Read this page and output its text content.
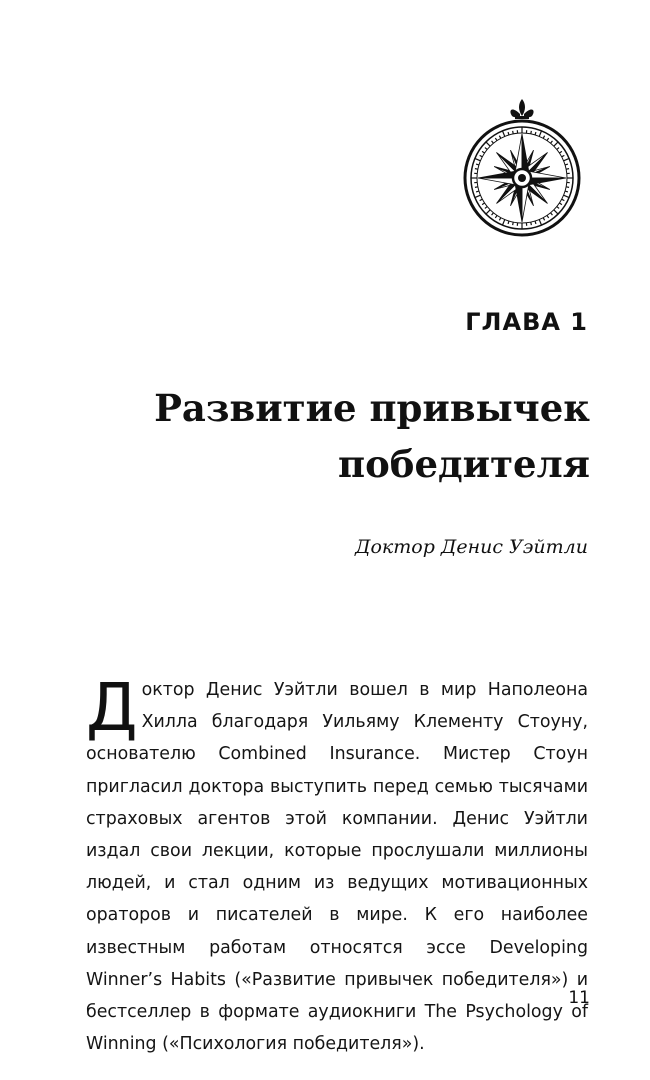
ГЛАВА 1
Развитие привычек
победителя
Доктор Денис Уэйтли
Д октор Денис Уэйтли вошел в мир Наполеона Хилла благодаря Уильяму Клементу Стоуну, основателю Combined Insurance. Мистер Стоун пригласил доктора выступить перед семью тысячами страховых агентов этой компании. Денис Уэйтли издал свои лекции, которые прослушали миллионы людей, и стал одним из ведущих мотивационных ораторов и писателей в мире. К его наиболее известным работам относятся эссе Developing Winner’s Habits («Развитие привычек победителя») и бестселлер в формате аудиокниги The Psychology of Winning («Психология победителя»).
11
